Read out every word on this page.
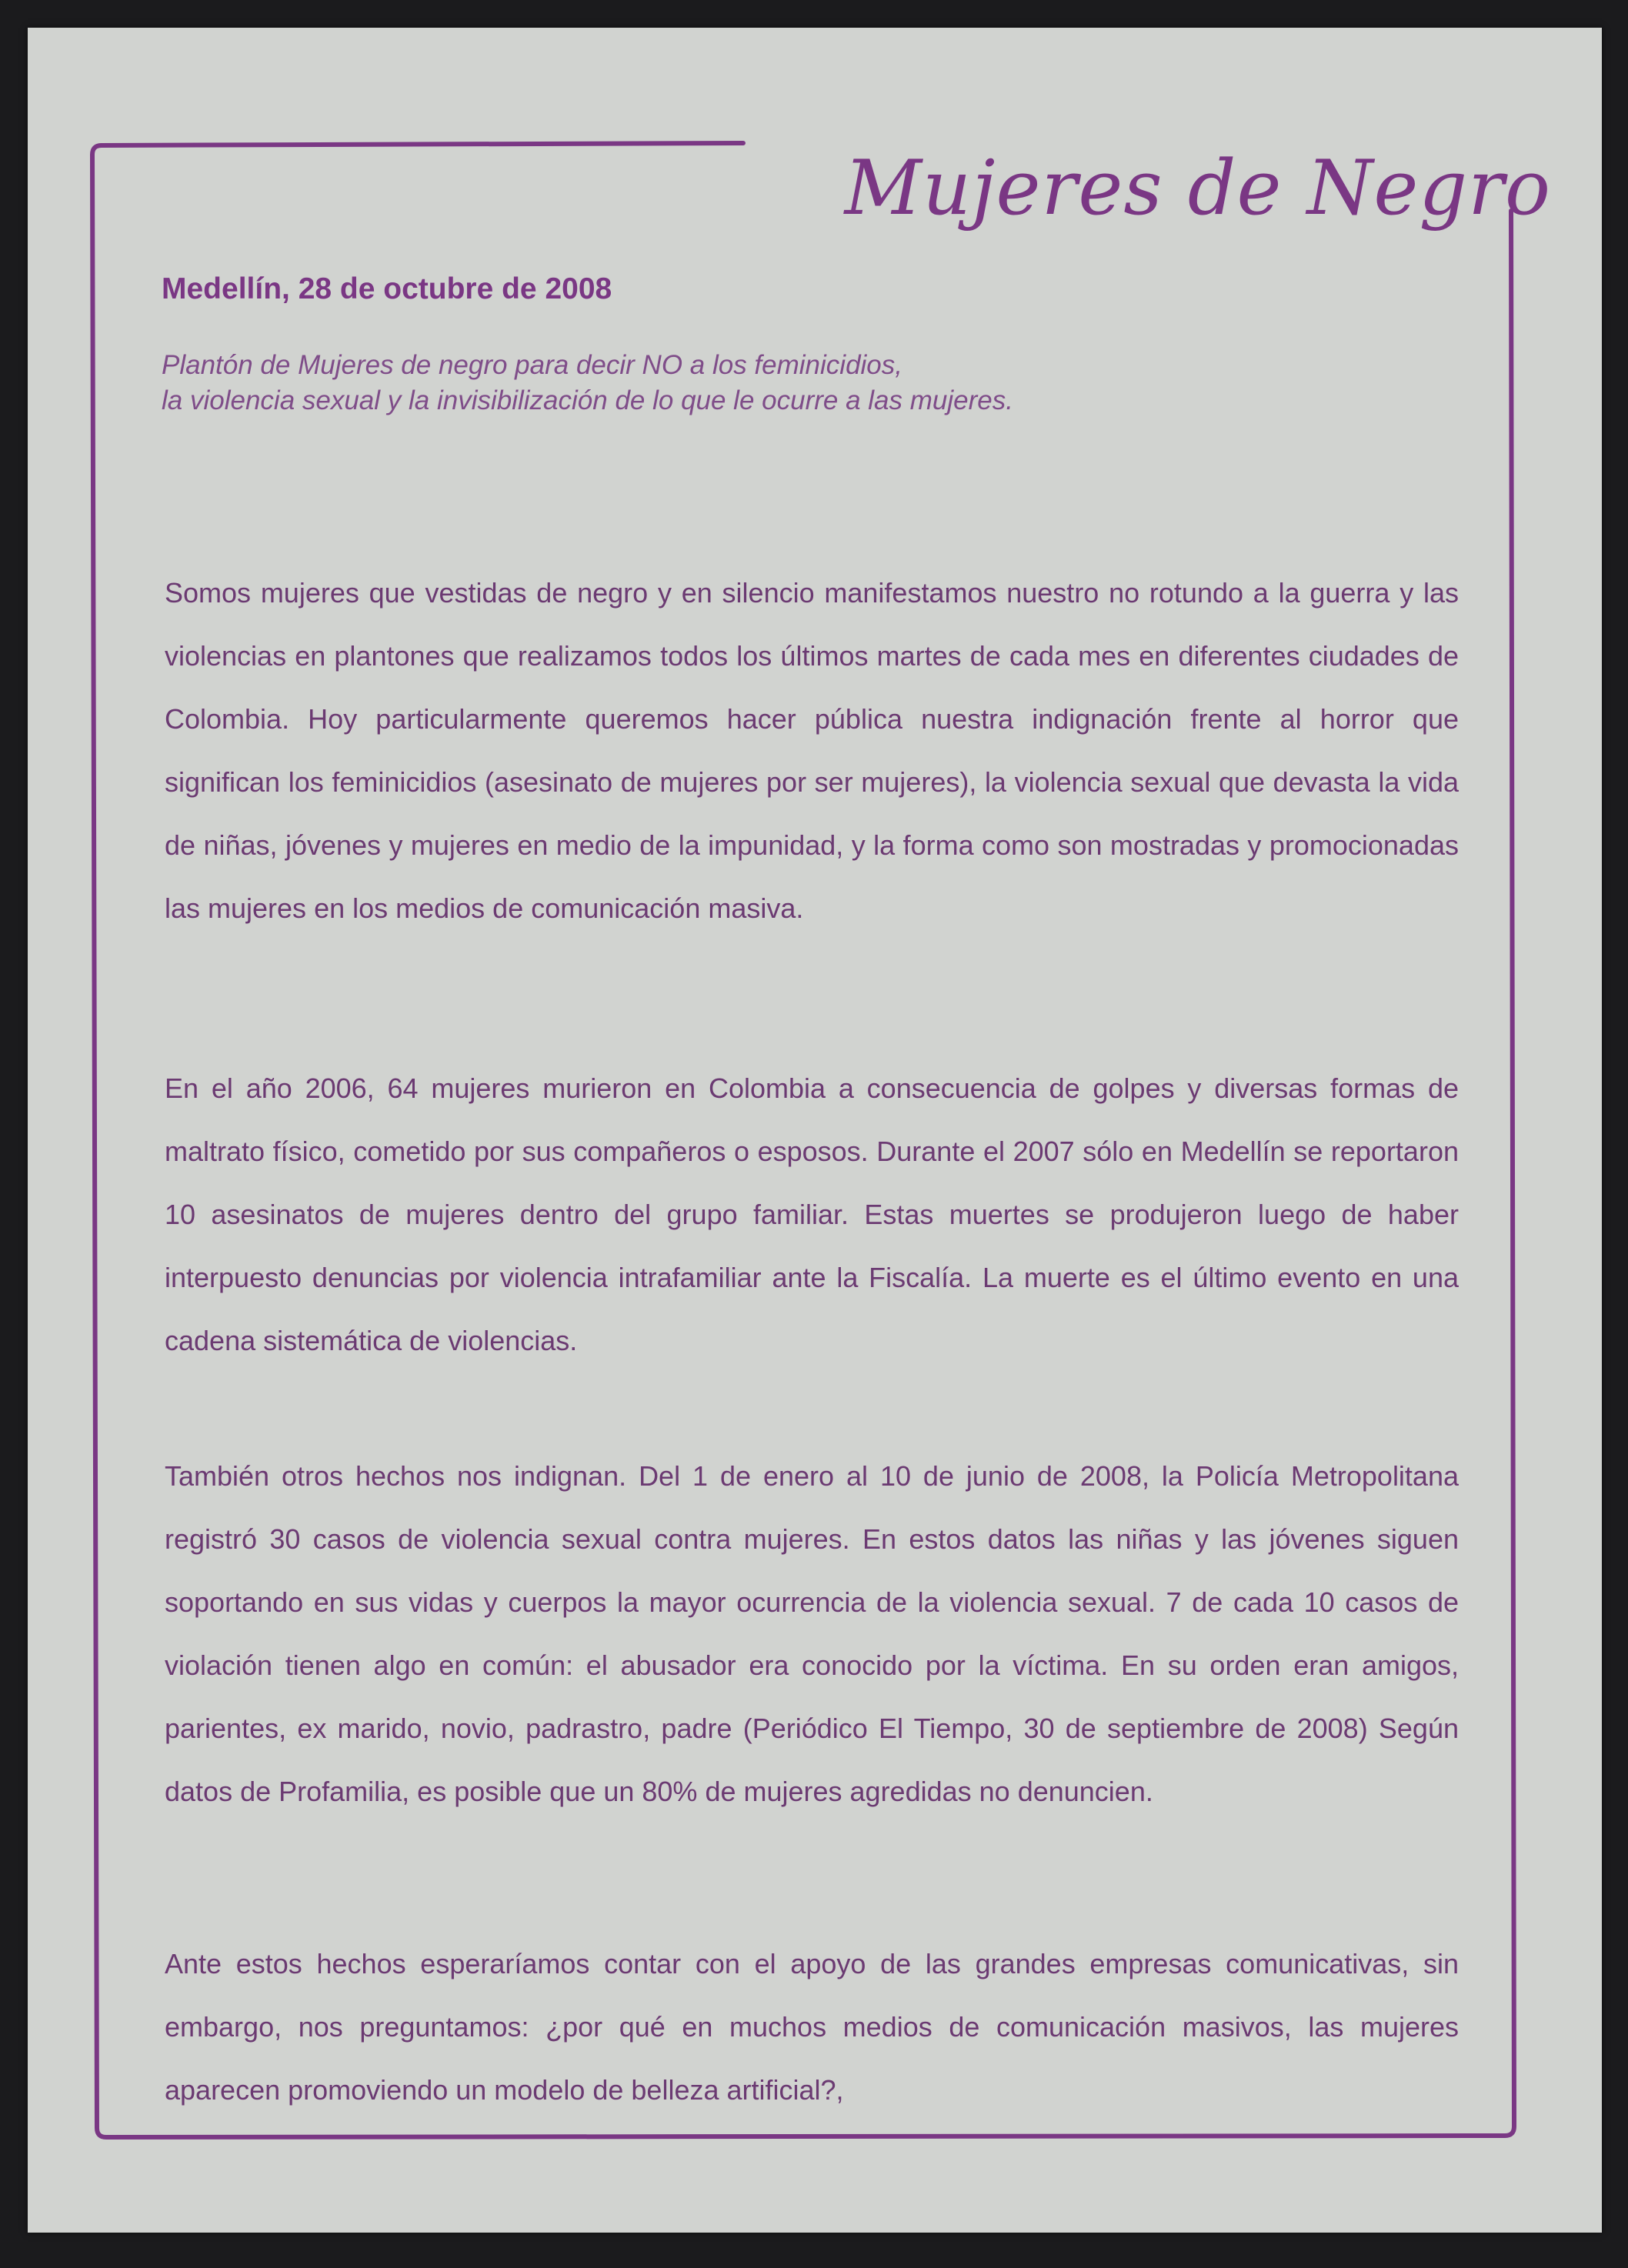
Mujeres de Negro
Medellín, 28 de octubre de 2008
Plantón de Mujeres de negro para decir NO a los feminicidios,
la violencia sexual y la invisibilización de lo que le ocurre a las mujeres.

Somos mujeres que vestidas de negro y en silencio manifestamos nuestro no rotundo a la guerra y las violencias en plantones que realizamos todos los últimos martes de cada mes en diferentes ciudades de Colombia. Hoy particularmente queremos hacer pública nuestra indignación frente al horror que significan los feminicidios (asesinato de mujeres por ser mujeres), la violencia sexual que devasta la vida de niñas, jóvenes y mujeres en medio de la impunidad, y la forma como son mostradas y promocionadas las mujeres en los medios de comunicación masiva.

En el año 2006, 64 mujeres murieron en Colombia a consecuencia de golpes y diversas formas de maltrato físico, cometido por sus compañeros o esposos. Durante el 2007 sólo en Medellín se reportaron 10 asesinatos de mujeres dentro del grupo familiar. Estas muertes se produjeron luego de haber interpuesto denuncias por violencia intrafamiliar ante la Fiscalía. La muerte es el último evento en una cadena sistemática de violencias.

También otros hechos nos indignan. Del 1 de enero al 10 de junio de 2008, la Policía Metropolitana registró 30 casos de violencia sexual contra mujeres. En estos datos las niñas y las jóvenes siguen soportando en sus vidas y cuerpos la mayor ocurrencia de la violencia sexual. 7 de cada 10 casos de violación tienen algo en común: el abusador era conocido por la víctima. En su orden eran amigos, parientes, ex marido, novio, padrastro, padre (Periódico El Tiempo, 30 de septiembre de 2008) Según datos de Profamilia, es posible que un 80% de mujeres agredidas no denuncien.

Ante estos hechos esperaríamos contar con el apoyo de las grandes empresas comunicativas, sin embargo, nos preguntamos: ¿por qué en muchos medios de comunicación masivos, las mujeres aparecen promoviendo un modelo de belleza artificial?,
